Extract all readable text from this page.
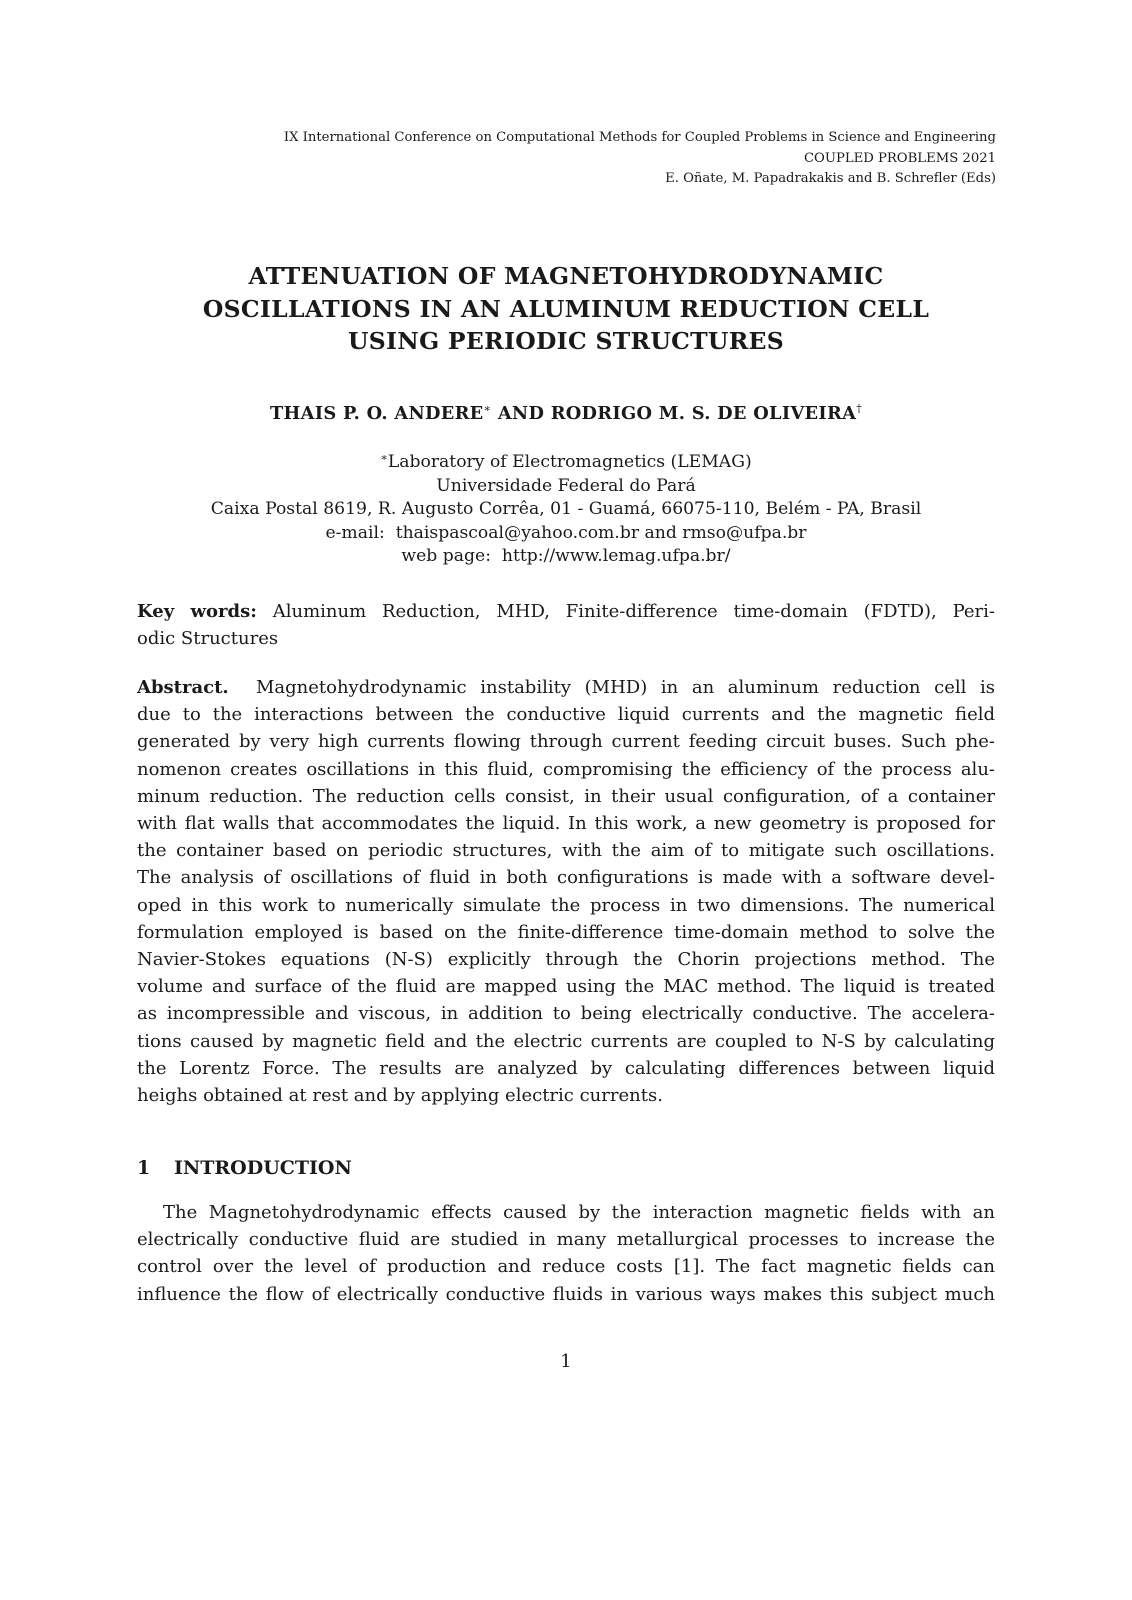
IX International Conference on Computational Methods for Coupled Problems in Science and Engineering
COUPLED PROBLEMS 2021
E. Oñate, M. Papadrakakis and B. Schrefler (Eds)
ATTENUATION OF MAGNETOHYDRODYNAMIC
OSCILLATIONS IN AN ALUMINUM REDUCTION CELL
USING PERIODIC STRUCTURES
THAIS P. O. ANDERE∗ AND RODRIGO M. S. DE OLIVEIRA†
∗Laboratory of Electromagnetics (LEMAG)
Universidade Federal do Pará
Caixa Postal 8619, R. Augusto Corrêa, 01 - Guamá, 66075-110, Belém - PA, Brasil
e-mail:  thaispascoal@yahoo.com.br and rmso@ufpa.br
web page:  http://www.lemag.ufpa.br/
Key words: Aluminum Reduction, MHD, Finite-difference time-domain (FDTD), Peri-
odic Structures
Abstract. Magnetohydrodynamic instability (MHD) in an aluminum reduction cell is
due to the interactions between the conductive liquid currents and the magnetic field
generated by very high currents flowing through current feeding circuit buses. Such phe-
nomenon creates oscillations in this fluid, compromising the efficiency of the process alu-
minum reduction. The reduction cells consist, in their usual configuration, of a container
with flat walls that accommodates the liquid. In this work, a new geometry is proposed for
the container based on periodic structures, with the aim of to mitigate such oscillations.
The analysis of oscillations of fluid in both configurations is made with a software devel-
oped in this work to numerically simulate the process in two dimensions. The numerical
formulation employed is based on the finite-difference time-domain method to solve the
Navier-Stokes equations (N-S) explicitly through the Chorin projections method. The
volume and surface of the fluid are mapped using the MAC method. The liquid is treated
as incompressible and viscous, in addition to being electrically conductive. The accelera-
tions caused by magnetic field and the electric currents are coupled to N-S by calculating
the Lorentz Force. The results are analyzed by calculating differences between liquid
heighs obtained at rest and by applying electric currents.
1 INTRODUCTION
The Magnetohydrodynamic effects caused by the interaction magnetic fields with an
electrically conductive fluid are studied in many metallurgical processes to increase the
control over the level of production and reduce costs [1]. The fact magnetic fields can
influence the flow of electrically conductive fluids in various ways makes this subject much
1
